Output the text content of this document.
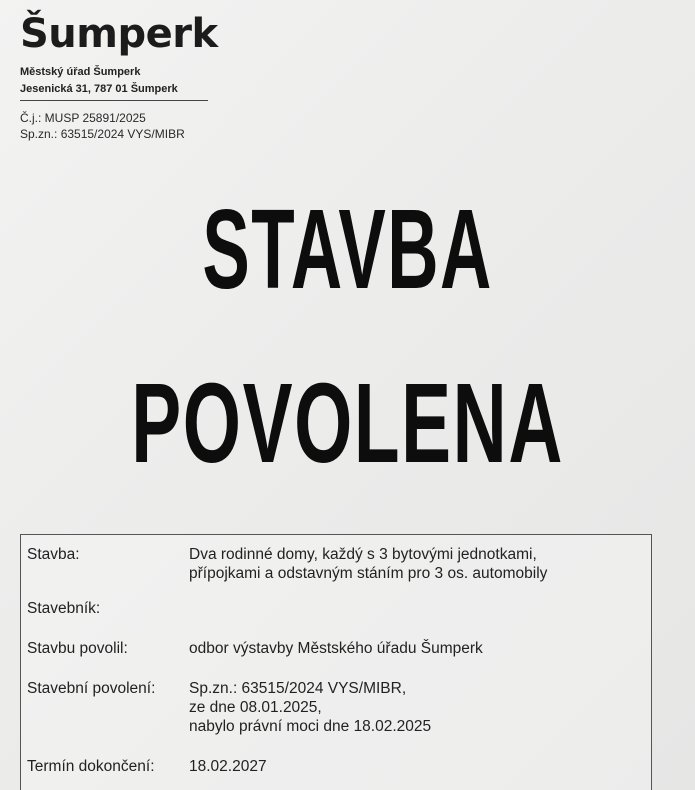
Šumperk
Městský úřad Šumperk
Jesenická 31, 787 01 Šumperk
Č.j.: MUSP 25891/2025
Sp.zn.: 63515/2024 VYS/MIBR
STAVBA
POVOLENA
Stavba:	Dva rodinné domy, každý s 3 bytovými jednotkami,
přípojkami a odstavným stáním pro 3 os. automobily
Stavebník:
Stavbu povolil:	odbor výstavby Městského úřadu Šumperk
Stavební povolení: Sp.zn.: 63515/2024 VYS/MIBR,
ze dne 08.01.2025,
nabylo právní moci dne 18.02.2025
Termín dokončení: 18.02.2027
